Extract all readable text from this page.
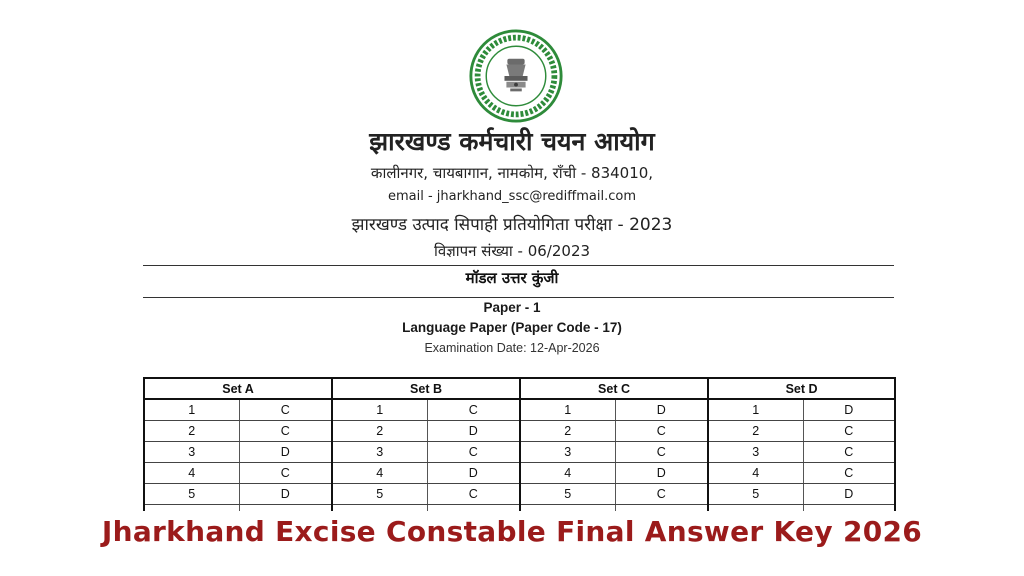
झारखण्ड कर्मचारी चयन आयोग
कालीनगर, चायबागान, नामकोम, राँची - 834010,
email - jharkhand_ssc@rediffmail.com
झारखण्ड उत्पाद सिपाही प्रतियोगिता परीक्षा - 2023
विज्ञापन संख्या - 06/2023
मॉडल उत्तर कुंजी
Paper - 1
Language Paper (Paper Code - 17)
Examination Date: 12-Apr-2026
Set A		Set B		Set C		Set D	
1	C	1	C	1	D	1	D
2	C	2	D	2	C	2	C
3	D	3	C	3	C	3	C
4	C	4	D	4	D	4	C
5	D	5	C	5	C	5	D

Jharkhand Excise Constable Final Answer Key 2026
